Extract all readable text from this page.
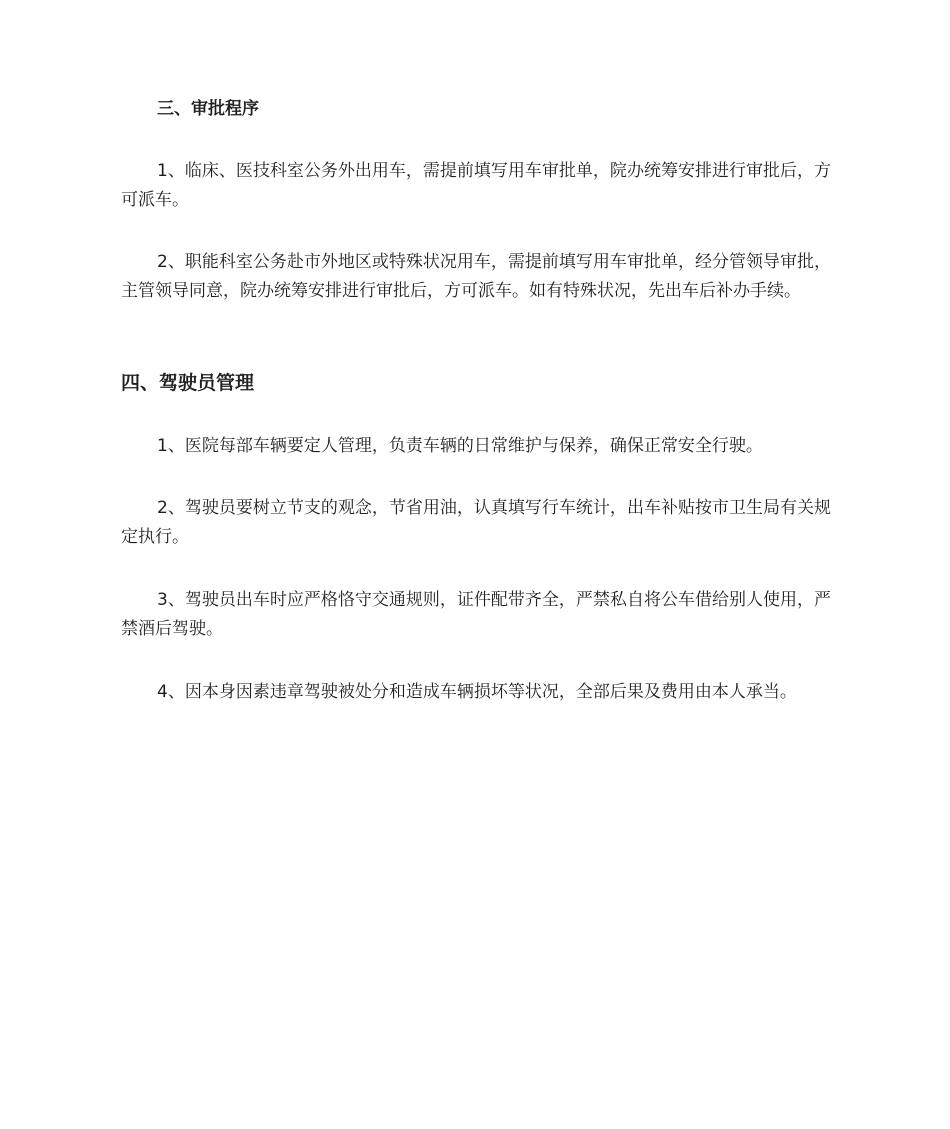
三、审批程序
1、临床、医技科室公务外出用车，需提前填写用车审批单，院办统筹安排进行审批后，方可派车。
2、职能科室公务赴市外地区或特殊状况用车，需提前填写用车审批单，经分管领导审批，主管领导同意，院办统筹安排进行审批后，方可派车。如有特殊状况，先出车后补办手续。
四、驾驶员管理
1、医院每部车辆要定人管理，负责车辆的日常维护与保养，确保正常安全行驶。
2、驾驶员要树立节支的观念，节省用油，认真填写行车统计，出车补贴按市卫生局有关规定执行。
3、驾驶员出车时应严格恪守交通规则，证件配带齐全，严禁私自将公车借给别人使用，严禁酒后驾驶。
4、因本身因素违章驾驶被处分和造成车辆损坏等状况，全部后果及费用由本人承当。
